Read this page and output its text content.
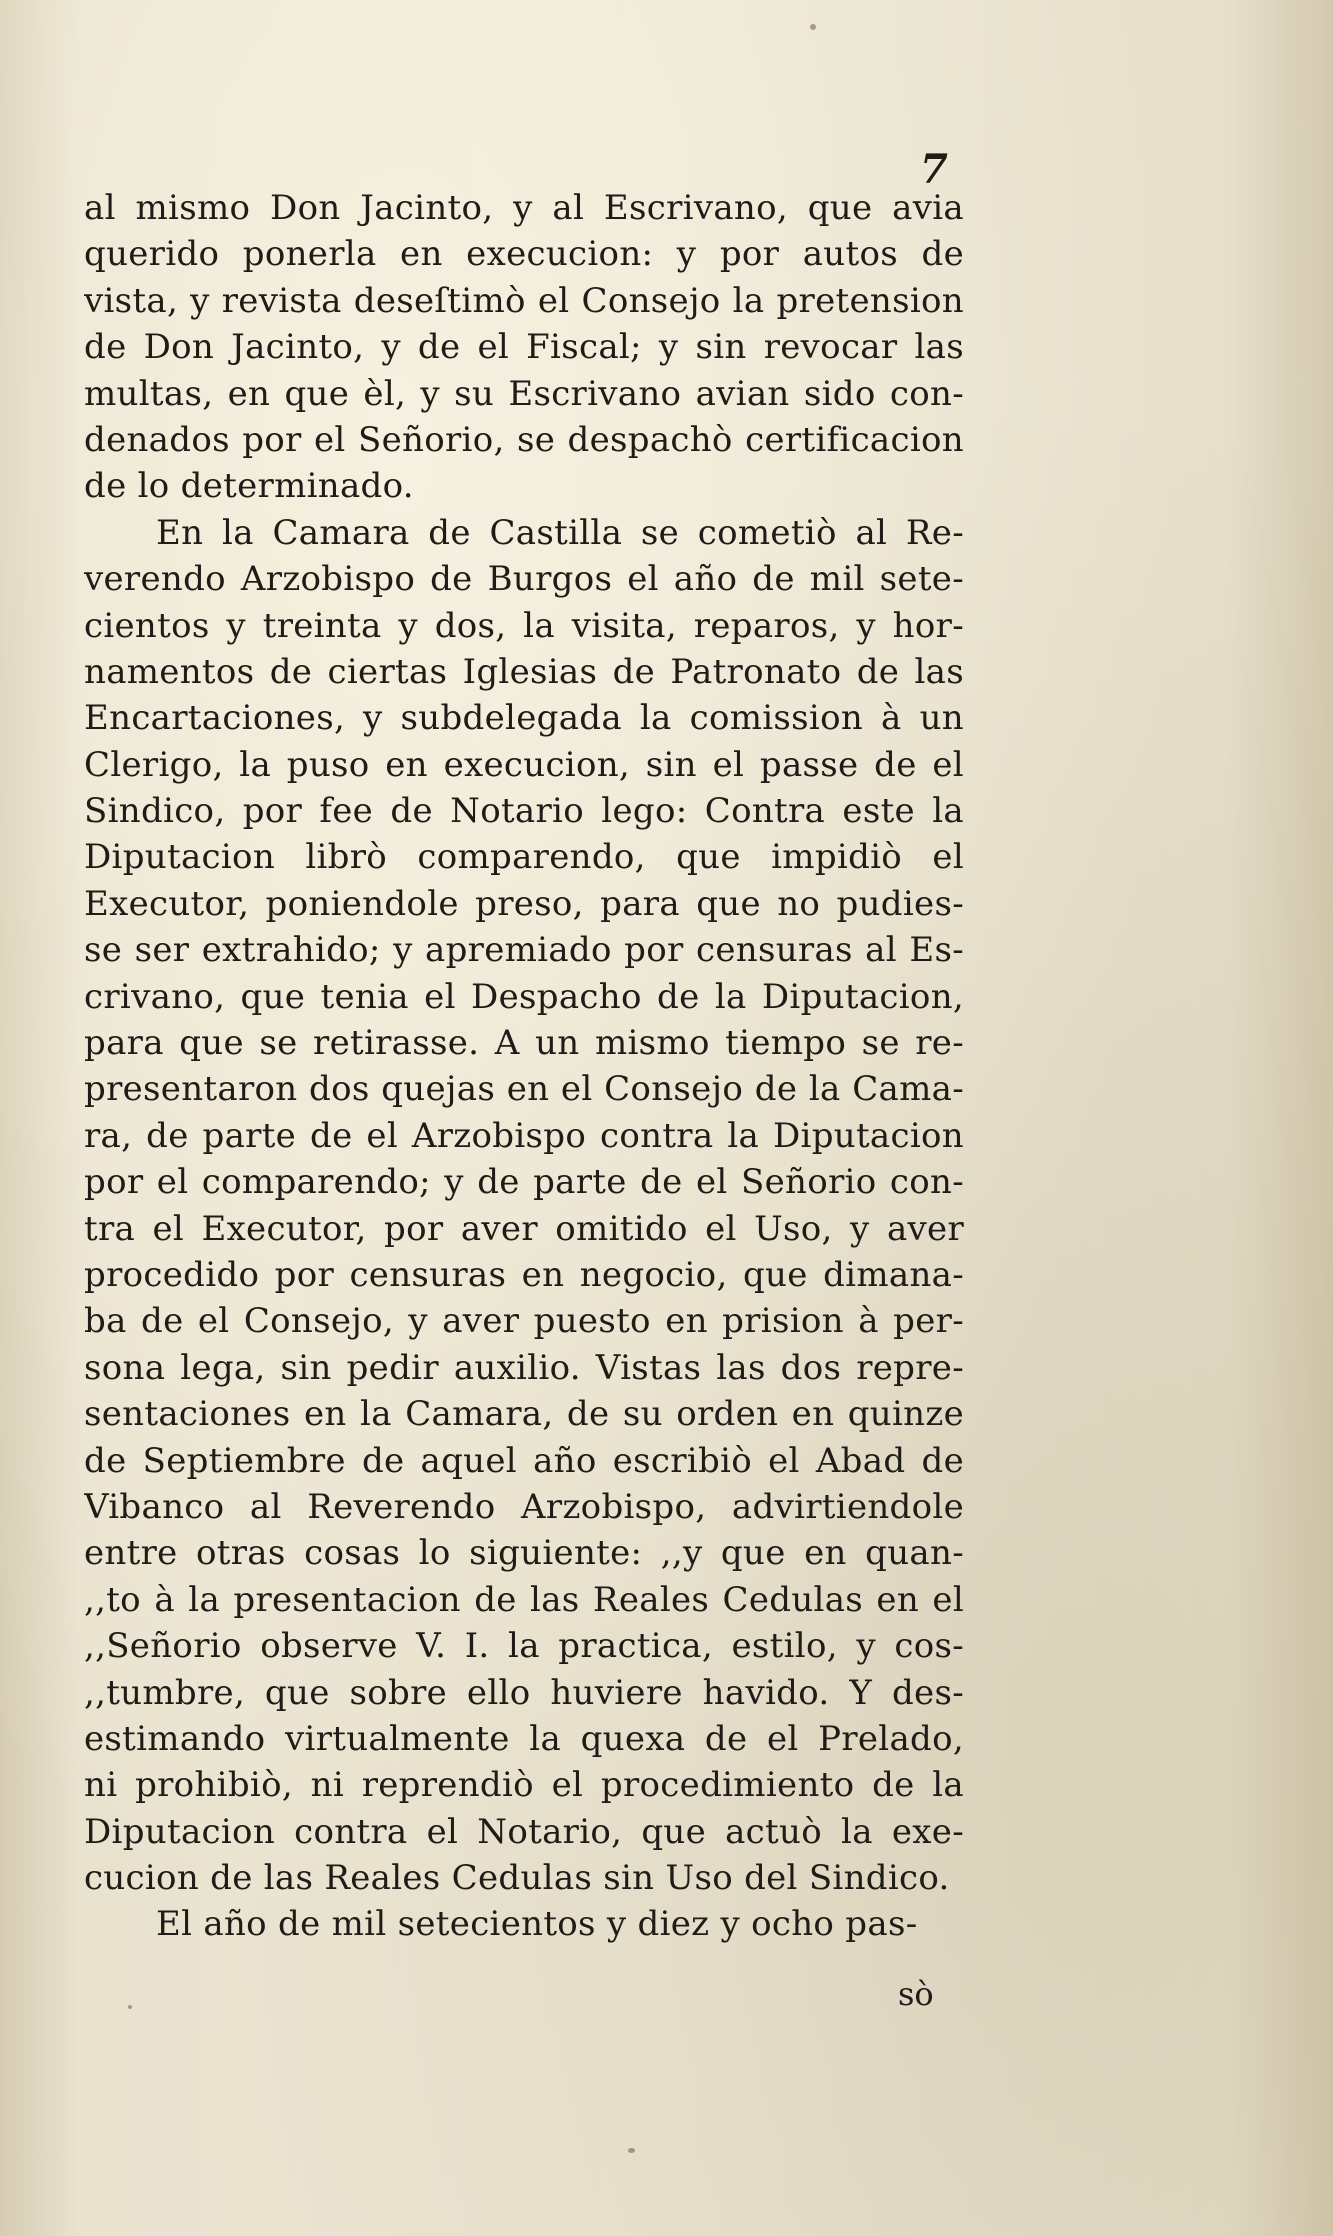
7
al mismo Don Jacinto, y al Escrivano, que avia
querido ponerla en execucion: y por autos de
vista, y revista deseſtimò el Consejo la pretension
de Don Jacinto, y de el Fiscal; y sin revocar las
multas, en que èl, y su Escrivano avian sido con-
denados por el Señorio, se despachò certificacion
de lo determinado.
En la Camara de Castilla se cometiò al Re-
verendo Arzobispo de Burgos el año de mil sete-
cientos y treinta y dos, la visita, reparos, y hor-
namentos de ciertas Iglesias de Patronato de las
Encartaciones, y subdelegada la comission à un
Clerigo, la puso en execucion, sin el passe de el
Sindico, por fee de Notario lego: Contra este la
Diputacion librò comparendo, que impidiò el
Executor, poniendole preso, para que no pudies-
se ser extrahido; y apremiado por censuras al Es-
crivano, que tenia el Despacho de la Diputacion,
para que se retirasse. A un mismo tiempo se re-
presentaron dos quejas en el Consejo de la Cama-
ra, de parte de el Arzobispo contra la Diputacion
por el comparendo; y de parte de el Señorio con-
tra el Executor, por aver omitido el Uso, y aver
procedido por censuras en negocio, que dimana-
ba de el Consejo, y aver puesto en prision à per-
sona lega, sin pedir auxilio. Vistas las dos repre-
sentaciones en la Camara, de su orden en quinze
de Septiembre de aquel año escribiò el Abad de
Vibanco al Reverendo Arzobispo, advirtiendole
entre otras cosas lo siguiente: ,,y que en quan-
,,to à la presentacion de las Reales Cedulas en el
,,Señorio observe V. I. la practica, estilo, y cos-
,,tumbre, que sobre ello huviere havido. Y des-
estimando virtualmente la quexa de el Prelado,
ni prohibiò, ni reprendiò el procedimiento de la
Diputacion contra el Notario, que actuò la exe-
cucion de las Reales Cedulas sin Uso del Sindico.
El año de mil setecientos y diez y ocho pas-
sò
